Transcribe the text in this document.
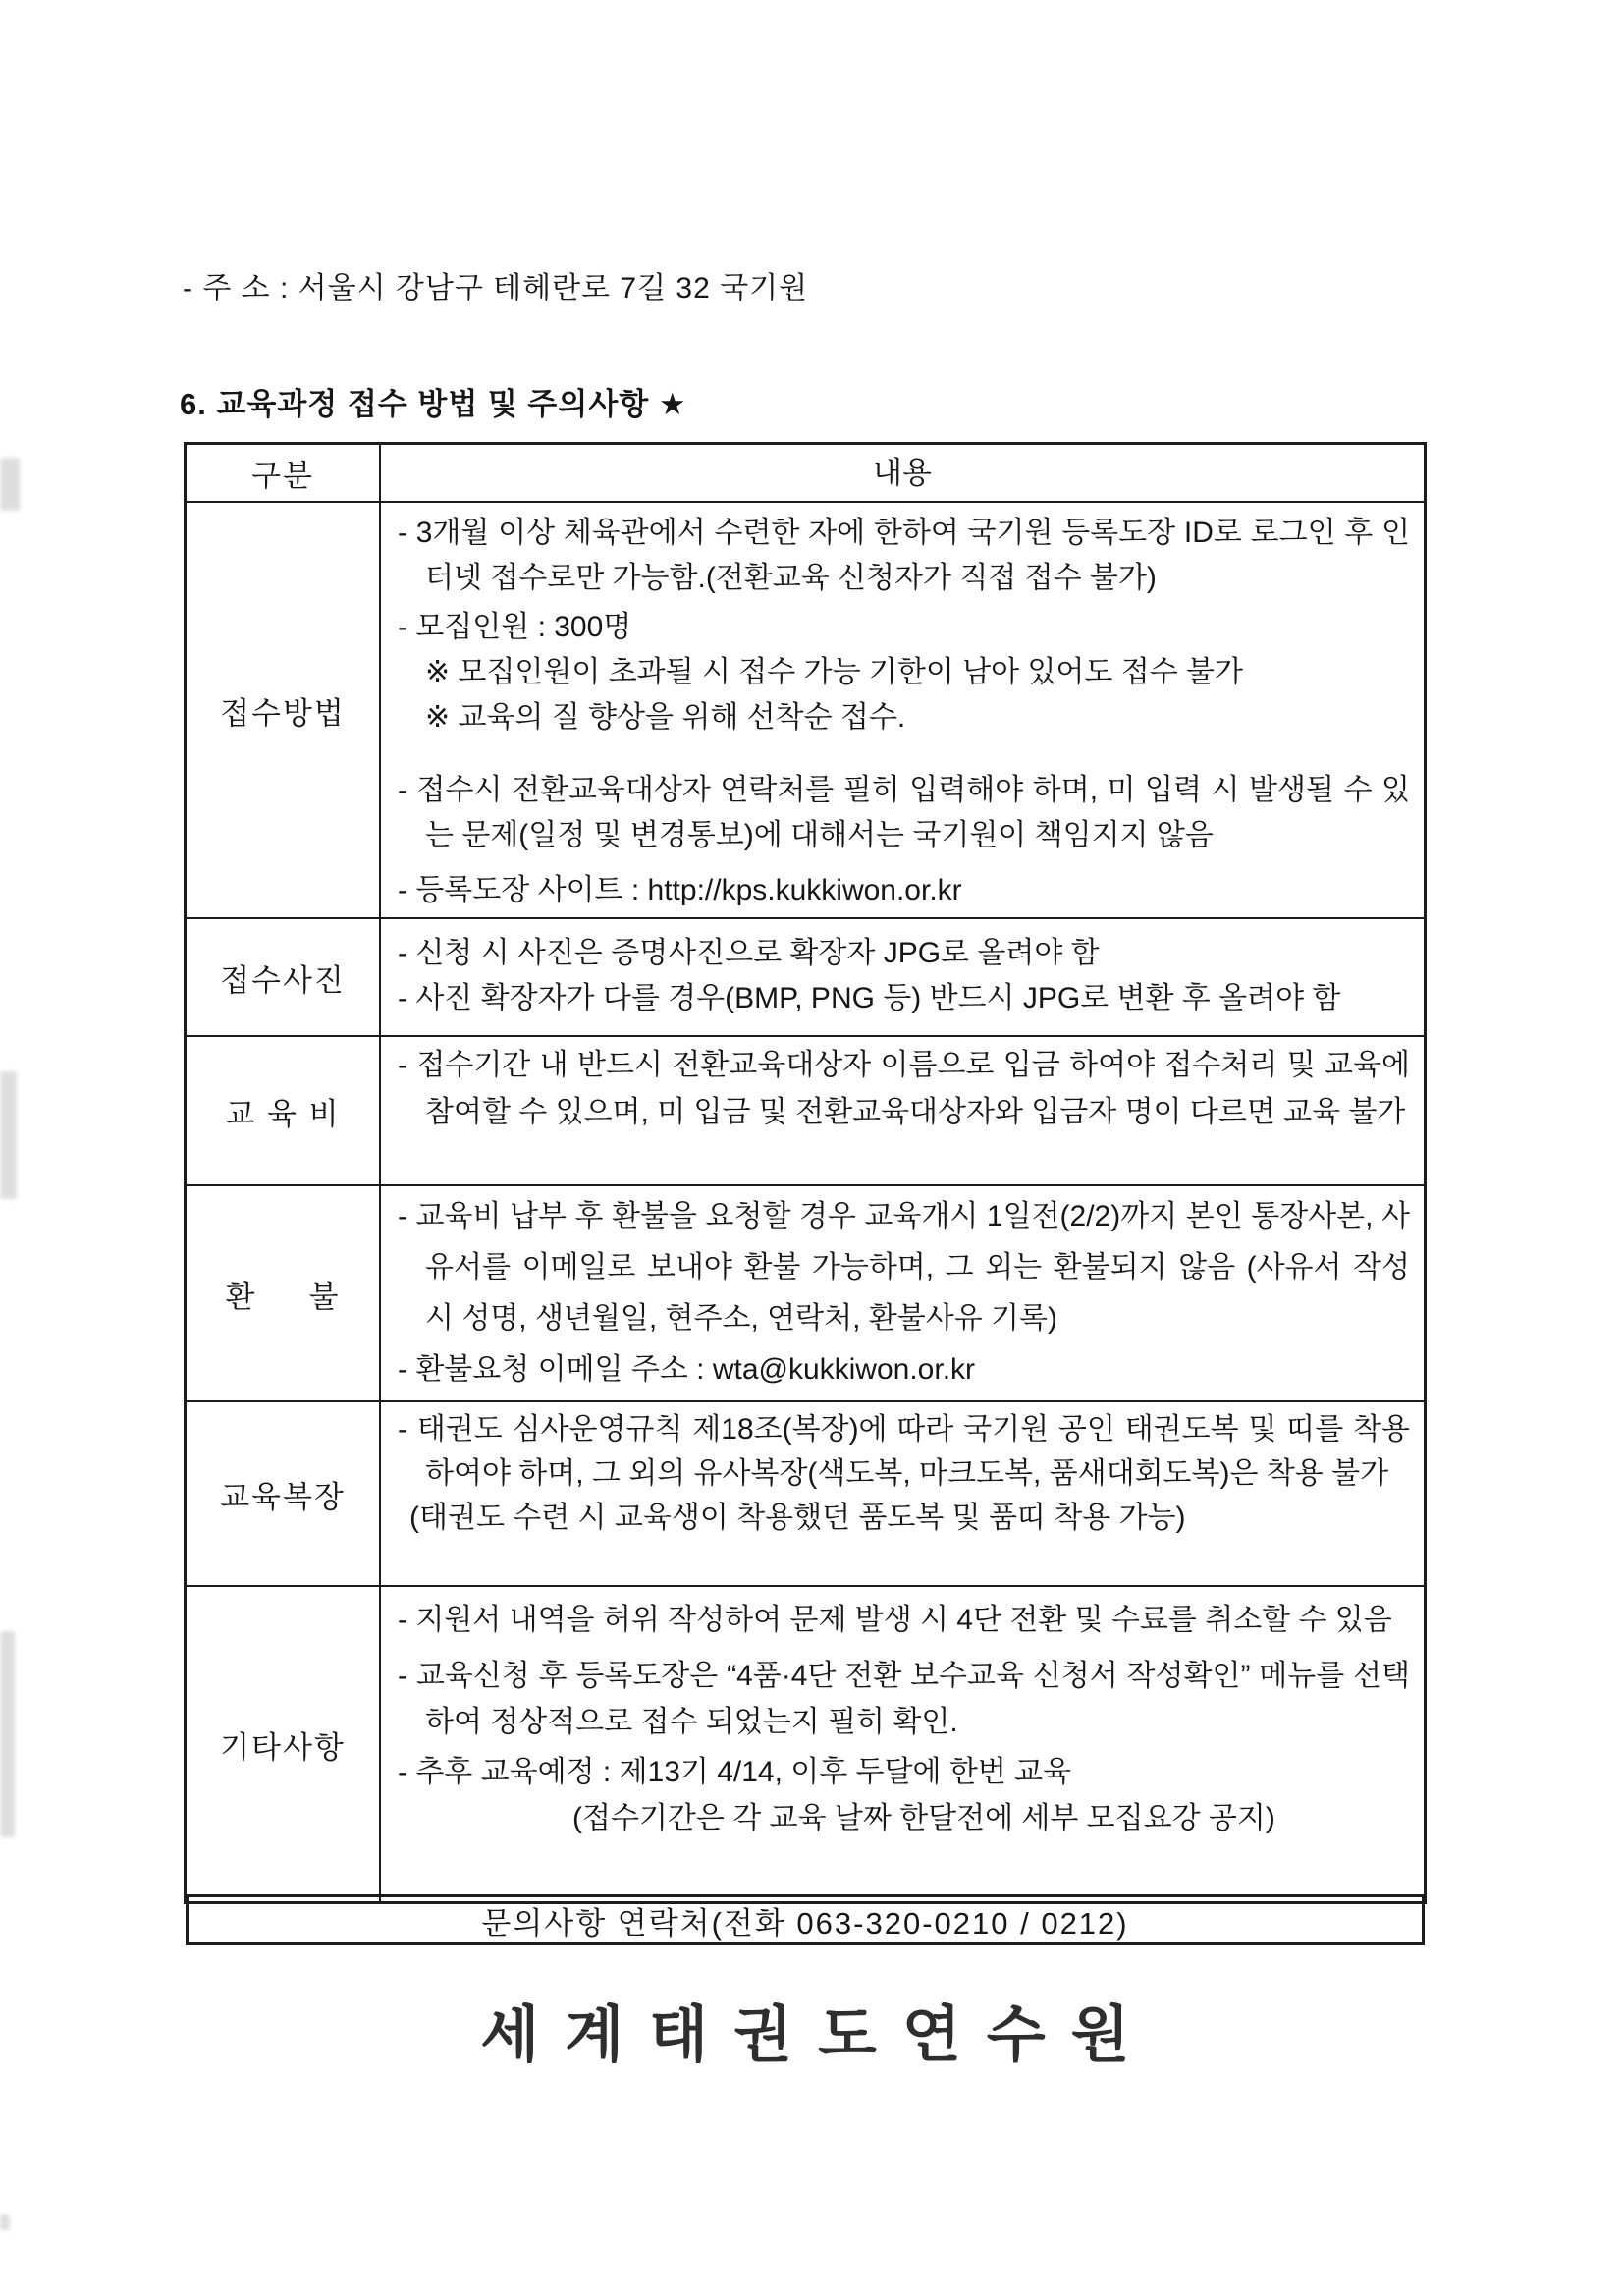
- 주 소 : 서울시 강남구 테헤란로 7길 32 국기원
6. 교육과정 접수 방법 및 주의사항 ★
구분	내용
접수방법

- 3개월 이상 체육관에서 수련한 자에 한하여 국기원 등록도장 ID로 로그인 후 인터넷 접수로만 가능함.(전환교육 신청자가 직접 접수 불가)

- 모집인원 : 300명

※ 모집인원이 초과될 시 접수 가능 기한이 남아 있어도 접수 불가

※ 교육의 질 향상을 위해 선착순 접수.

- 접수시 전환교육대상자 연락처를 필히 입력해야 하며, 미 입력 시 발생될 수 있는 문제(일정 및 변경통보)에 대해서는 국기원이 책임지지 않음

- 등록도장 사이트 : http://kps.kukkiwon.or.kr

접수사진

- 신청 시 사진은 증명사진으로 확장자 JPG로 올려야 함

- 사진 확장자가 다를 경우(BMP, PNG 등) 반드시 JPG로 변환 후 올려야 함

교 육 비

- 접수기간 내 반드시 전환교육대상자 이름으로 입금 하여야 접수처리 및 교육에 참여할 수 있으며, 미 입금 및 전환교육대상자와 입금자 명이 다르면 교육 불가

환     불

- 교육비 납부 후 환불을 요청할 경우 교육개시 1일전(2/2)까지 본인 통장사본, 사유서를 이메일로 보내야 환불 가능하며, 그 외는 환불되지 않음 (사유서 작성 시 성명, 생년월일, 현주소, 연락처, 환불사유 기록)

- 환불요청 이메일 주소 : wta@kukkiwon.or.kr

교육복장

- 태권도 심사운영규칙 제18조(복장)에 따라 국기원 공인 태권도복 및 띠를 착용하여야 하며, 그 외의 유사복장(색도복, 마크도복, 품새대회도복)은 착용 불가

(태권도 수련 시 교육생이 착용했던 품도복 및 품띠 착용 가능)

기타사항

- 지원서 내역을 허위 작성하여 문제 발생 시 4단 전환 및 수료를 취소할 수 있음

- 교육신청 후 등록도장은 “4품·4단 전환 보수교육 신청서 작성확인” 메뉴를 선택하여 정상적으로 접수 되었는지 필히 확인.

- 추후 교육예정 : 제13기 4/14, 이후 두달에 한번 교육

(접수기간은 각 교육 날짜 한달전에 세부 모집요강 공지)

문의사항 연락처(전화 063-320-0210 / 0212)
세계태권도연수원
